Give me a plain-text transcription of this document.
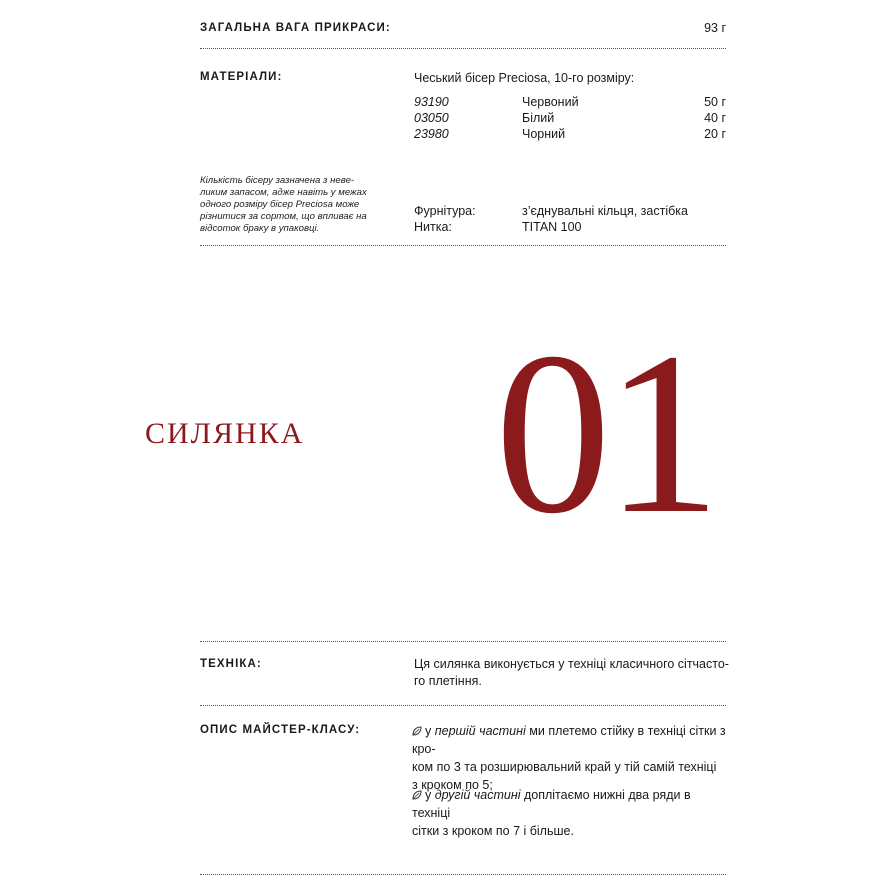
ЗАГАЛЬНА ВАГА ПРИКРАСИ:	93 г
МАТЕРІАЛИ:	Чеський бісер Preciosa, 10-го розміру:
93190	Червоний	50 г
03050	Білий	40 г
23980	Чорний	20 г
Кількість бісеру зазначена з неве-
ликим запасом, адже навіть у межах
одного розміру бісер Preciosa може
різнитися за сортом, що впливає на
відсоток браку в упаковці.
Фурнітура:	з’єднувальні кільця, застібка
Нитка:	TITAN 100
СИЛЯНКА 01
ТЕХНІКА:	Ця силянка виконується у техніці класичного сітчасто-
го плетіння.
ОПИС МАЙСТЕР-КЛАСУ:	у першій частині ми плетемо стійку в техніці сітки з кро-
ком по 3 та розширювальний край у тій самій техніці
з кроком по 5;
у другій частині доплітаємо нижні два ряди в техніці
сітки з кроком по 7 і більше.
